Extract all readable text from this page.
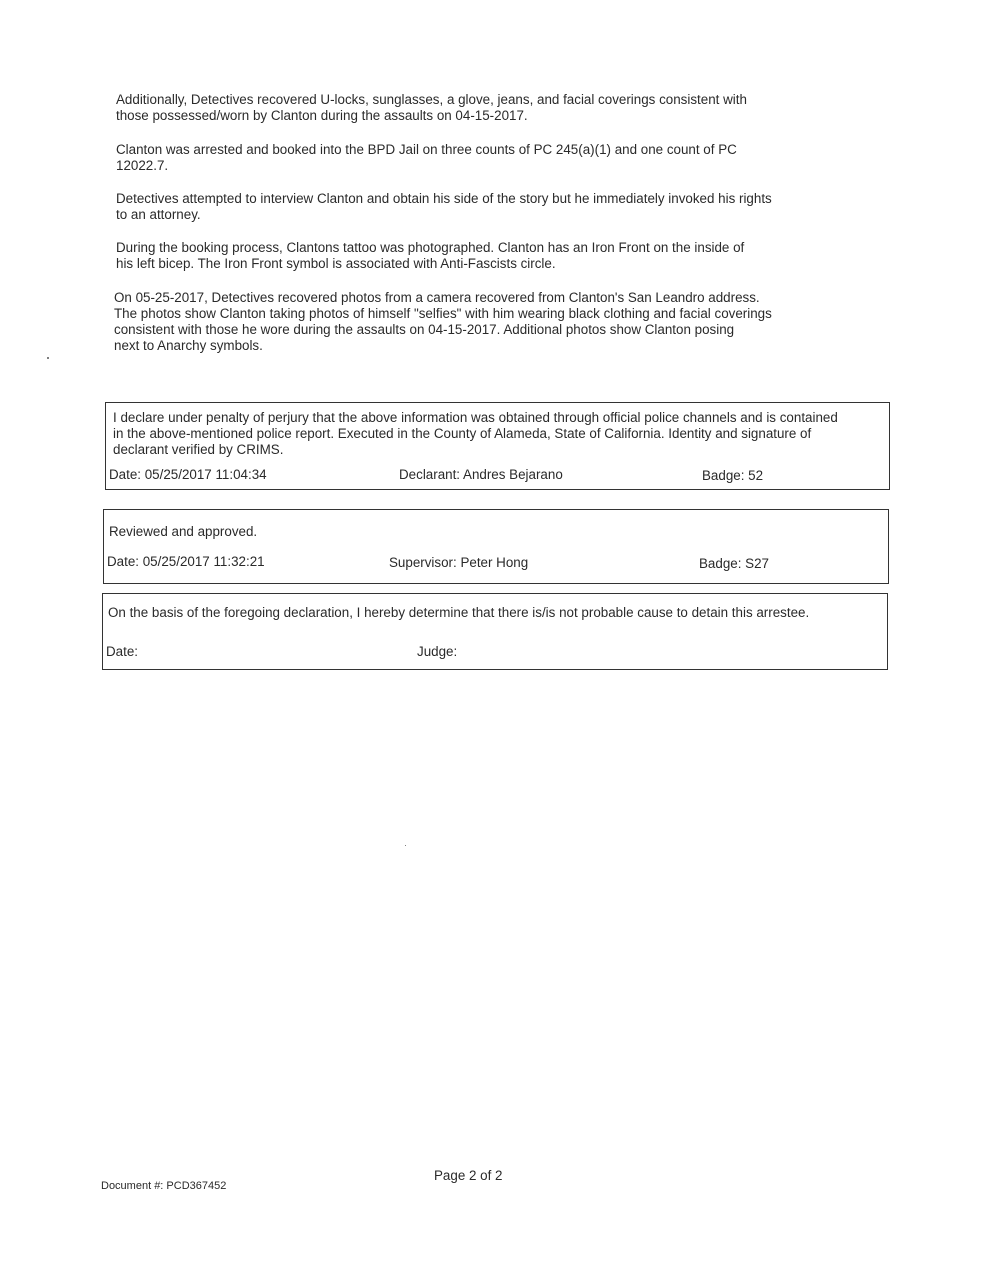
Additionally, Detectives recovered U-locks, sunglasses, a glove, jeans, and facial coverings consistent with
those possessed/worn by Clanton during the assaults on 04-15-2017.

Clanton was arrested and booked into the BPD Jail on three counts of PC 245(a)(1) and one count of PC
12022.7.

Detectives attempted to interview Clanton and obtain his side of the story but he immediately invoked his rights
to an attorney.

During the booking process, Clantons tattoo was photographed. Clanton has an Iron Front on the inside of
his left bicep. The Iron Front symbol is associated with Anti-Fascists circle.

On 05-25-2017, Detectives recovered photos from a camera recovered from Clanton's San Leandro address.
The photos show Clanton taking photos of himself "selfies" with him wearing black clothing and facial coverings
consistent with those he wore during the assaults on 04-15-2017. Additional photos show Clanton posing
next to Anarchy symbols.

I declare under penalty of perjury that the above information was obtained through official police channels and is contained
in the above-mentioned police report. Executed in the County of Alameda, State of California. Identity and signature of
declarant verified by CRIMS.

Date: 05/25/2017 11:04:34	Declarant: Andres Bejarano	Badge: 52

Reviewed and approved.

Date: 05/25/2017 11:32:21	Supervisor: Peter Hong	Badge: S27

On the basis of the foregoing declaration, I hereby determine that there is/is not probable cause to detain this arrestee.

Date:	Judge:

Document #: PCD367452
Page 2 of 2
